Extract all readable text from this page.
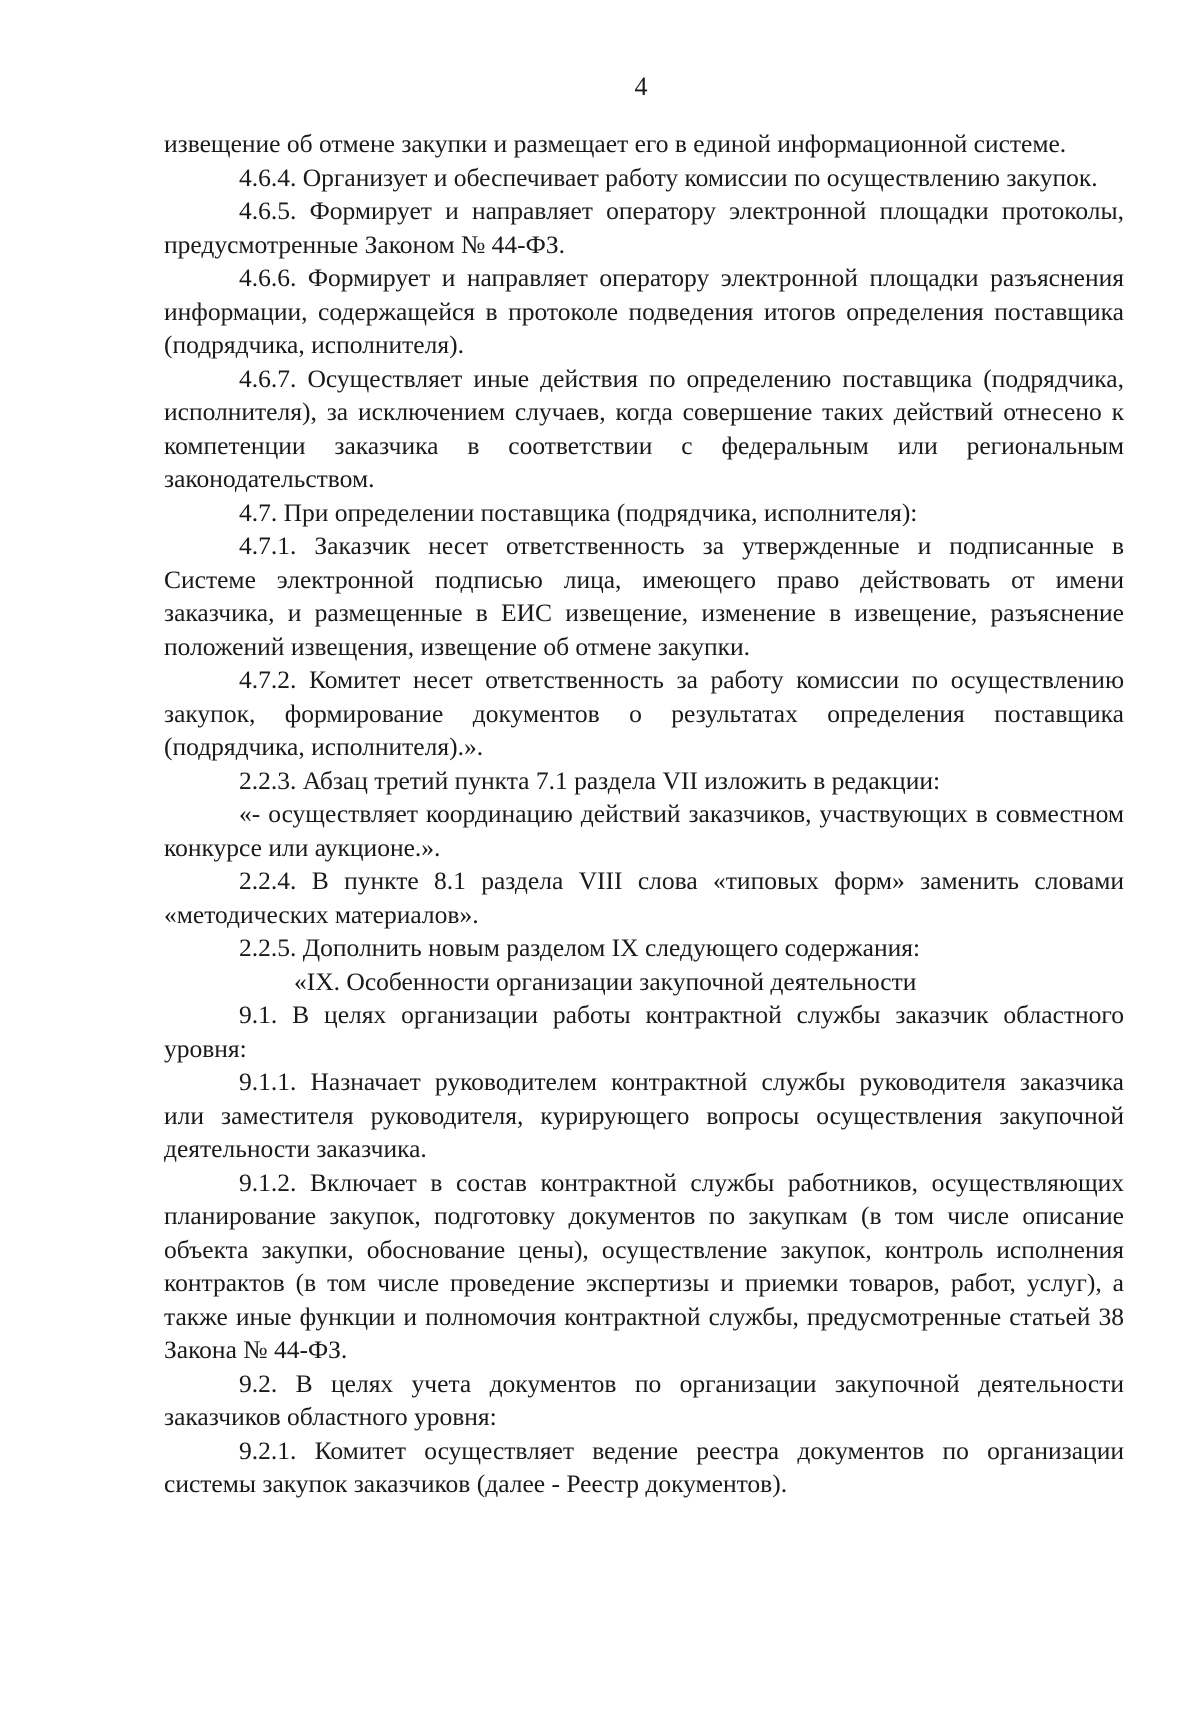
4

извещение об отмене закупки и размещает его в единой информационной системе.

4.6.4. Организует и обеспечивает работу комиссии по осуществлению закупок.

4.6.5. Формирует и направляет оператору электронной площадки протоколы, предусмотренные Законом № 44-ФЗ.

4.6.6. Формирует и направляет оператору электронной площадки разъяснения информации, содержащейся в протоколе подведения итогов определения поставщика (подрядчика, исполнителя).

4.6.7. Осуществляет иные действия по определению поставщика (подрядчика, исполнителя), за исключением случаев, когда совершение таких действий отнесено к компетенции заказчика в соответствии с федеральным или региональным законодательством.

4.7. При определении поставщика (подрядчика, исполнителя):

4.7.1. Заказчик несет ответственность за утвержденные и подписанные в Системе электронной подписью лица, имеющего право действовать от имени заказчика, и размещенные в ЕИС извещение, изменение в извещение, разъяснение положений извещения, извещение об отмене закупки.

4.7.2. Комитет несет ответственность за работу комиссии по осуществлению закупок, формирование документов о результатах определения поставщика (подрядчика, исполнителя).».

2.2.3. Абзац третий пункта 7.1 раздела VII изложить в редакции:

«- осуществляет координацию действий заказчиков, участвующих в совместном конкурсе или аукционе.».

2.2.4. В пункте 8.1 раздела VIII слова «типовых форм» заменить словами «методических материалов».

2.2.5. Дополнить новым разделом IX следующего содержания:

«IX. Особенности организации закупочной деятельности

9.1. В целях организации работы контрактной службы заказчик областного уровня:

9.1.1. Назначает руководителем контрактной службы руководителя заказчика или заместителя руководителя, курирующего вопросы осуществления закупочной деятельности заказчика.

9.1.2. Включает в состав контрактной службы работников, осуществляющих планирование закупок, подготовку документов по закупкам (в том числе описание объекта закупки, обоснование цены), осуществление закупок, контроль исполнения контрактов (в том числе проведение экспертизы и приемки товаров, работ, услуг), а также иные функции и полномочия контрактной службы, предусмотренные статьей 38 Закона № 44-ФЗ.

9.2. В целях учета документов по организации закупочной деятельности заказчиков областного уровня:

9.2.1. Комитет осуществляет ведение реестра документов по организации системы закупок заказчиков (далее - Реестр документов).
